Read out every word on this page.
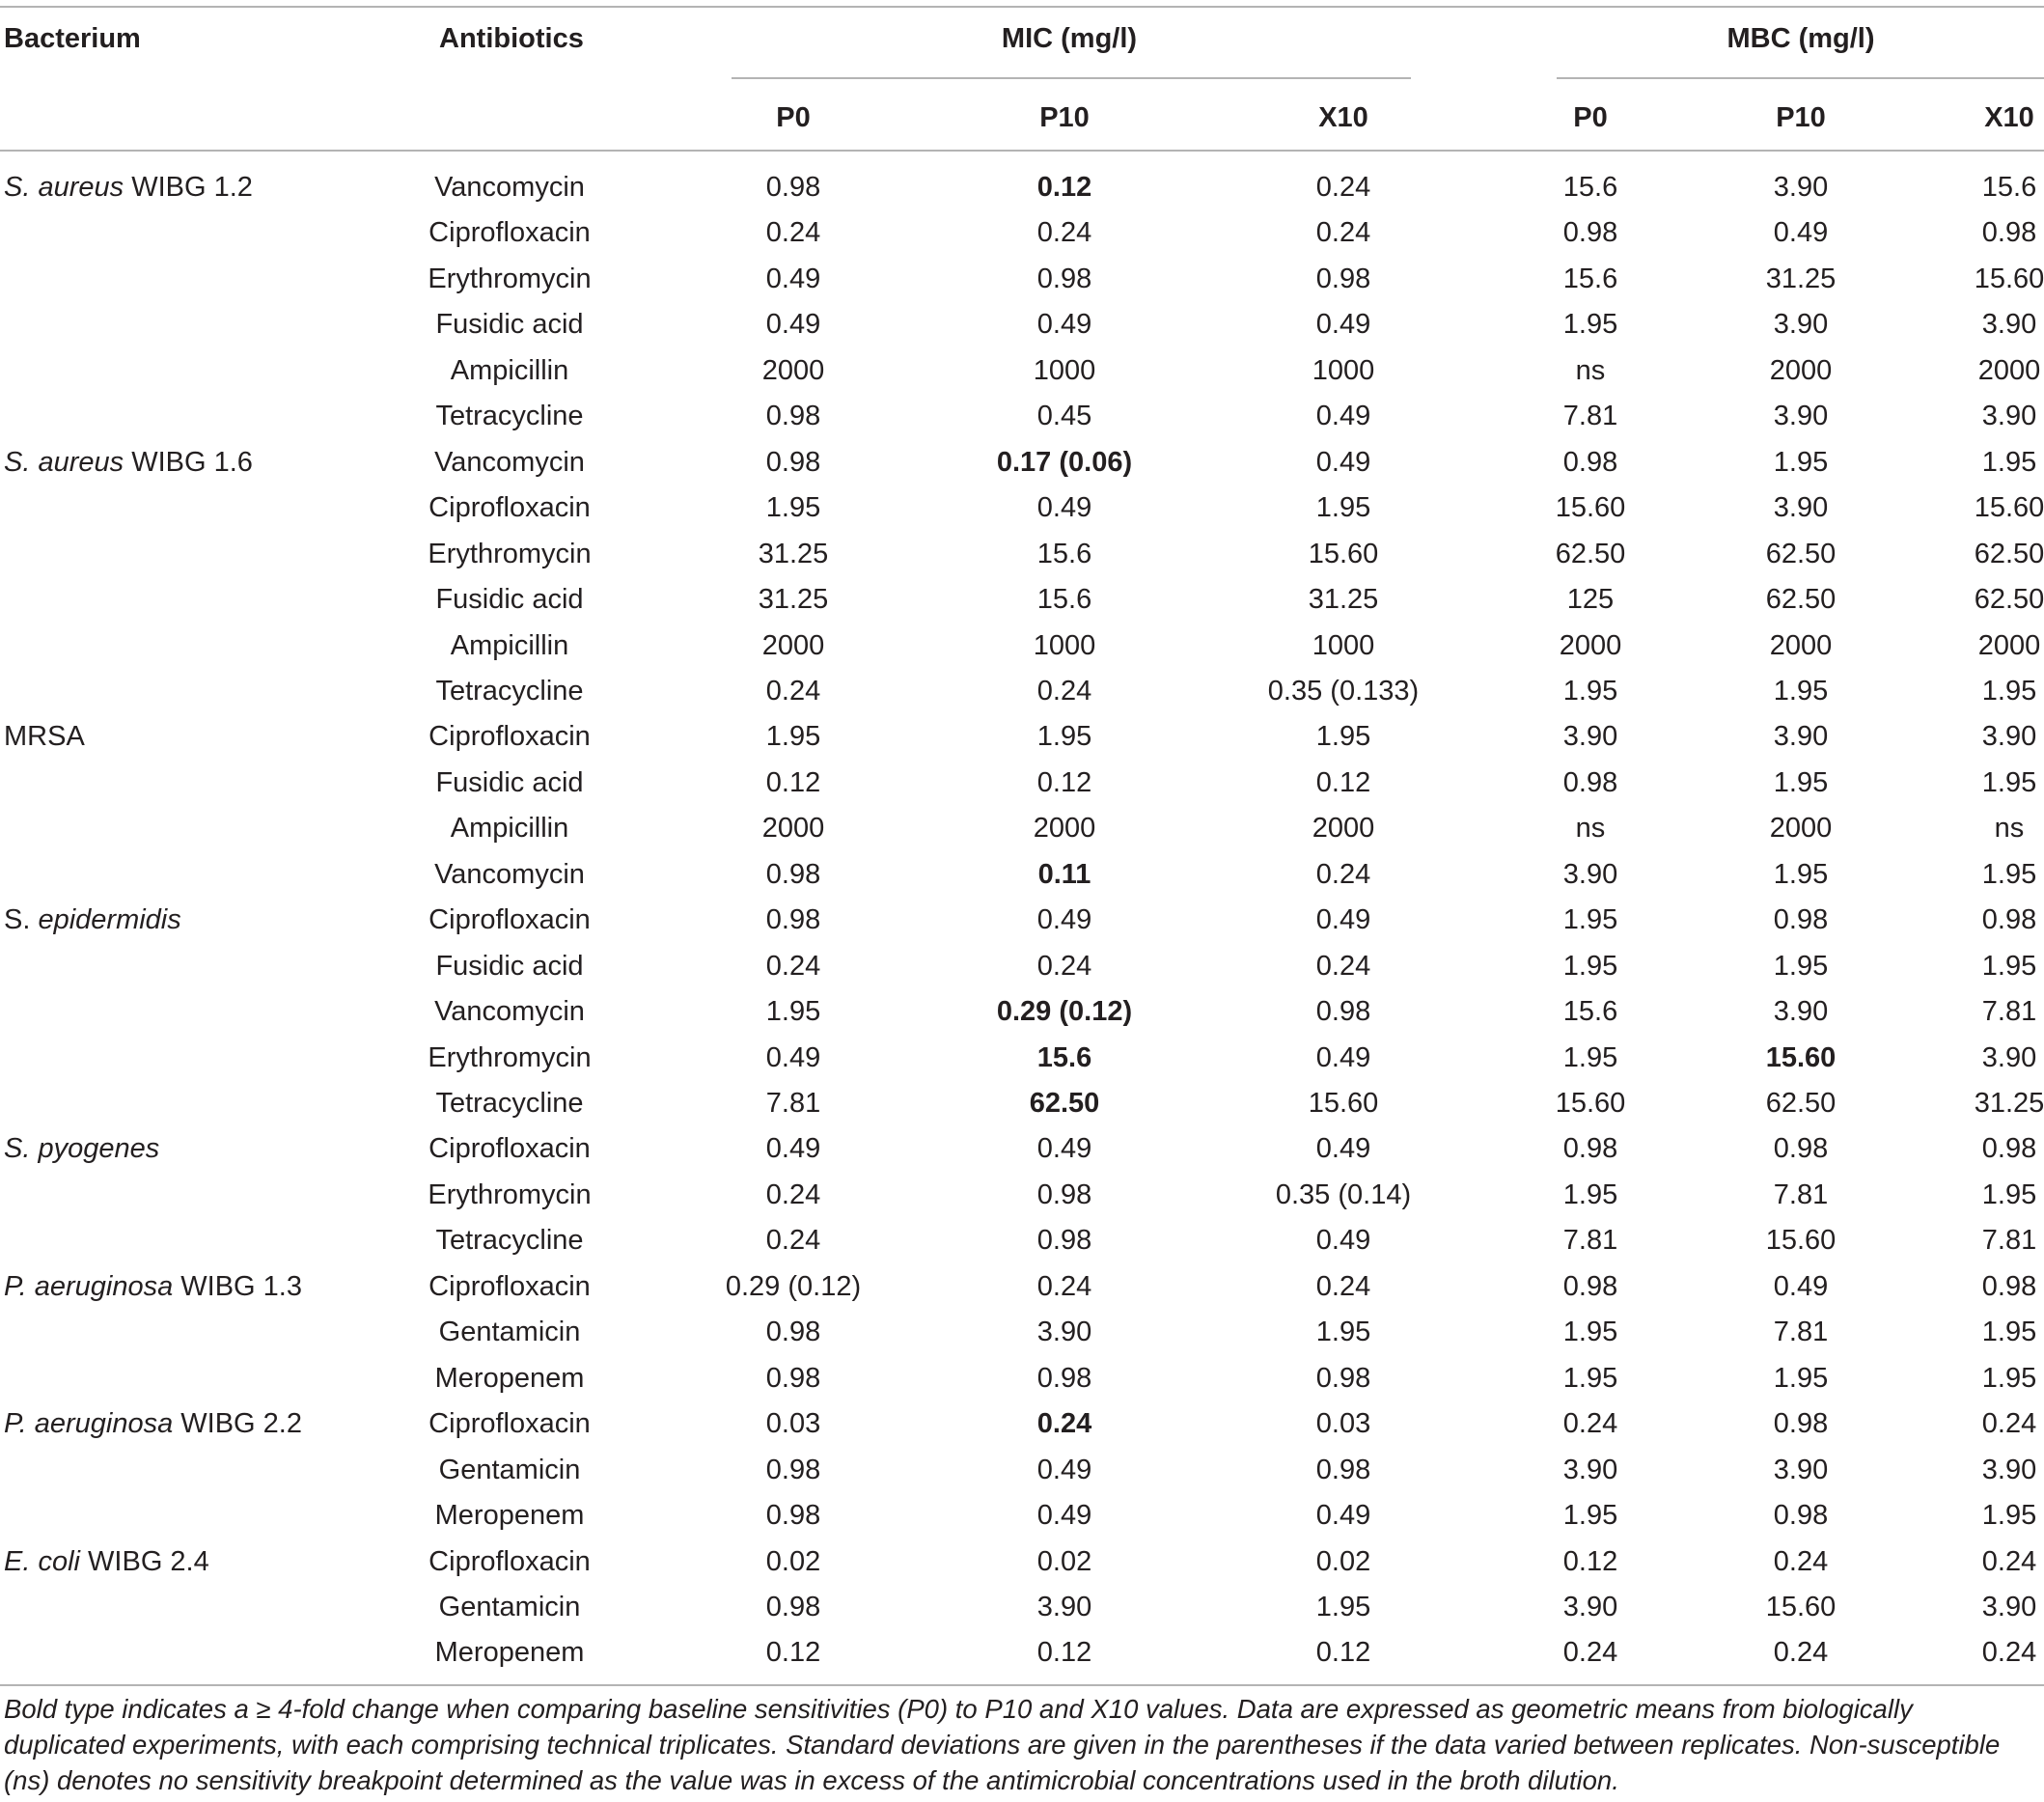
Bacterium	Antibiotics	MIC (mg/l)	MBC (mg/l)
P0	P10	X10	P0	P10	X10
S. aureus WIBG 1.2	Vancomycin	0.98	0.12	0.24	15.6	3.90	15.6
Ciprofloxacin	0.24	0.24	0.24	0.98	0.49	0.98
Erythromycin	0.49	0.98	0.98	15.6	31.25	15.60
Fusidic acid	0.49	0.49	0.49	1.95	3.90	3.90
Ampicillin	2000	1000	1000	ns	2000	2000
Tetracycline	0.98	0.45	0.49	7.81	3.90	3.90
S. aureus WIBG 1.6	Vancomycin	0.98	0.17 (0.06)	0.49	0.98	1.95	1.95
Ciprofloxacin	1.95	0.49	1.95	15.60	3.90	15.60
Erythromycin	31.25	15.6	15.60	62.50	62.50	62.50
Fusidic acid	31.25	15.6	31.25	125	62.50	62.50
Ampicillin	2000	1000	1000	2000	2000	2000
Tetracycline	0.24	0.24	0.35 (0.133)	1.95	1.95	1.95
MRSA	Ciprofloxacin	1.95	1.95	1.95	3.90	3.90	3.90
Fusidic acid	0.12	0.12	0.12	0.98	1.95	1.95
Ampicillin	2000	2000	2000	ns	2000	ns
Vancomycin	0.98	0.11	0.24	3.90	1.95	1.95
S. epidermidis	Ciprofloxacin	0.98	0.49	0.49	1.95	0.98	0.98
Fusidic acid	0.24	0.24	0.24	1.95	1.95	1.95
Vancomycin	1.95	0.29 (0.12)	0.98	15.6	3.90	7.81
Erythromycin	0.49	15.6	0.49	1.95	15.60	3.90
Tetracycline	7.81	62.50	15.60	15.60	62.50	31.25
S. pyogenes	Ciprofloxacin	0.49	0.49	0.49	0.98	0.98	0.98
Erythromycin	0.24	0.98	0.35 (0.14)	1.95	7.81	1.95
Tetracycline	0.24	0.98	0.49	7.81	15.60	7.81
P. aeruginosa WIBG 1.3	Ciprofloxacin	0.29 (0.12)	0.24	0.24	0.98	0.49	0.98
Gentamicin	0.98	3.90	1.95	1.95	7.81	1.95
Meropenem	0.98	0.98	0.98	1.95	1.95	1.95
P. aeruginosa WIBG 2.2	Ciprofloxacin	0.03	0.24	0.03	0.24	0.98	0.24
Gentamicin	0.98	0.49	0.98	3.90	3.90	3.90
Meropenem	0.98	0.49	0.49	1.95	0.98	1.95
E. coli WIBG 2.4	Ciprofloxacin	0.02	0.02	0.02	0.12	0.24	0.24
Gentamicin	0.98	3.90	1.95	3.90	15.60	3.90
Meropenem	0.12	0.12	0.12	0.24	0.24	0.24
Bold type indicates a ≥ 4-fold change when comparing baseline sensitivities (P0) to P10 and X10 values. Data are expressed as geometric means from biologically duplicated experiments, with each comprising technical triplicates. Standard deviations are given in the parentheses if the data varied between replicates. Non-susceptible (ns) denotes no sensitivity breakpoint determined as the value was in excess of the antimicrobial concentrations used in the broth dilution.
